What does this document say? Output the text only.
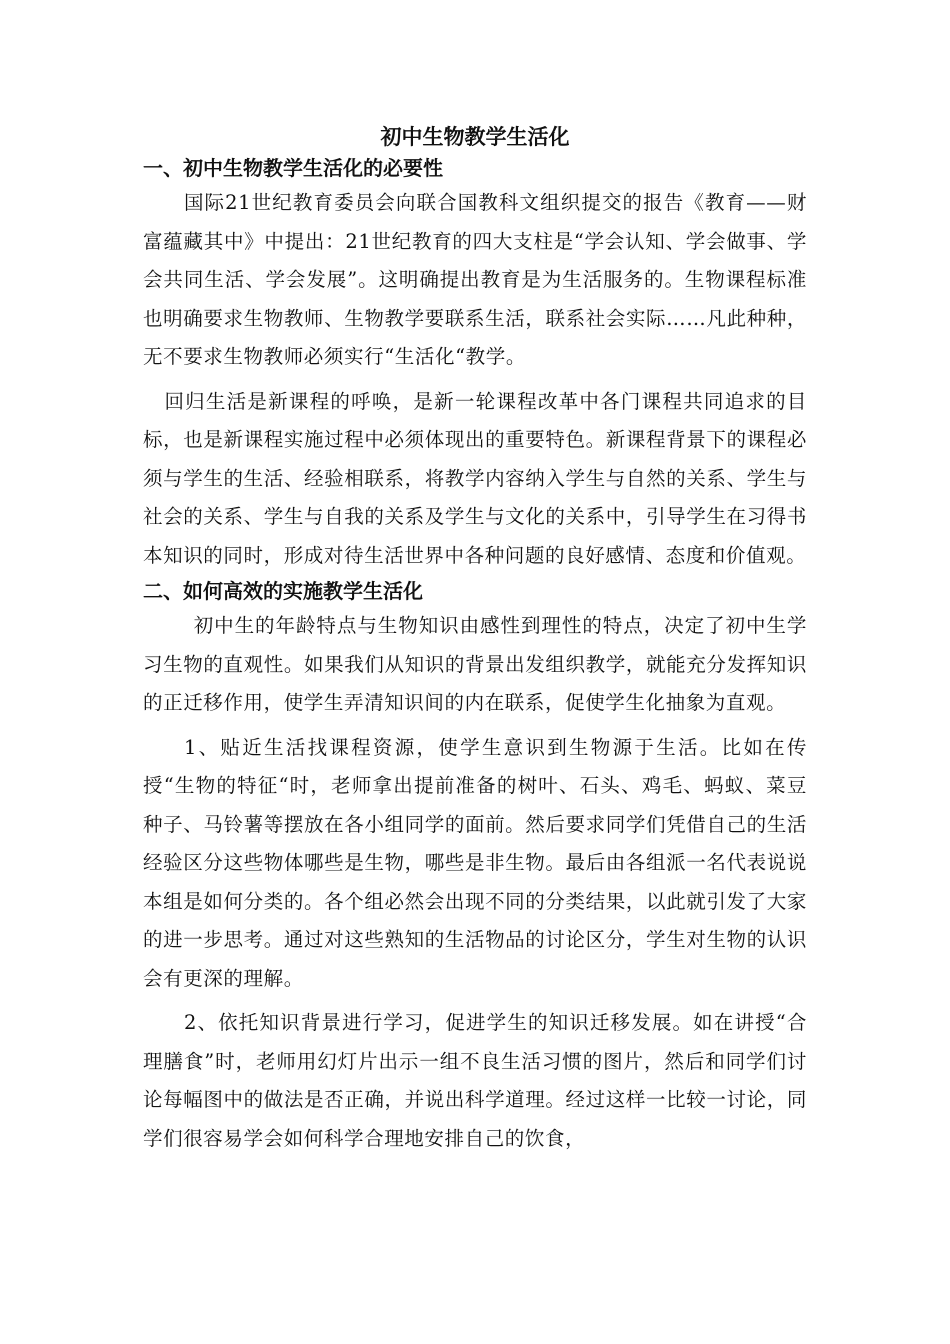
初中生物教学生活化
一、初中生物教学生活化的必要性

国际21世纪教育委员会向联合国教科文组织提交的报告《教育——财富蕴藏其中》中提出：21世纪教育的四大支柱是“学会认知、学会做事、学会共同生活、学会发展”。这明确提出教育是为生活服务的。生物课程标准也明确要求生物教师、生物教学要联系生活，联系社会实际……凡此种种，无不要求生物教师必须实行“生活化“教学。

回归生活是新课程的呼唤，是新一轮课程改革中各门课程共同追求的目标，也是新课程实施过程中必须体现出的重要特色。新课程背景下的课程必须与学生的生活、经验相联系，将教学内容纳入学生与自然的关系、学生与社会的关系、学生与自我的关系及学生与文化的关系中，引导学生在习得书本知识的同时，形成对待生活世界中各种问题的良好感情、态度和价值观。

二、如何高效的实施教学生活化

初中生的年龄特点与生物知识由感性到理性的特点，决定了初中生学习生物的直观性。如果我们从知识的背景出发组织教学，就能充分发挥知识的正迁移作用，使学生弄清知识间的内在联系，促使学生化抽象为直观。

1、贴近生活找课程资源，使学生意识到生物源于生活。比如在传授“生物的特征“时，老师拿出提前准备的树叶、石头、鸡毛、蚂蚁、菜豆种子、马铃薯等摆放在各小组同学的面前。然后要求同学们凭借自己的生活经验区分这些物体哪些是生物，哪些是非生物。最后由各组派一名代表说说本组是如何分类的。各个组必然会出现不同的分类结果，以此就引发了大家的进一步思考。通过对这些熟知的生活物品的讨论区分，学生对生物的认识会有更深的理解。

2、依托知识背景进行学习，促进学生的知识迁移发展。如在讲授“合理膳食”时，老师用幻灯片出示一组不良生活习惯的图片，然后和同学们讨论每幅图中的做法是否正确，并说出科学道理。经过这样一比较一讨论，同学们很容易学会如何科学合理地安排自己的饮食，
